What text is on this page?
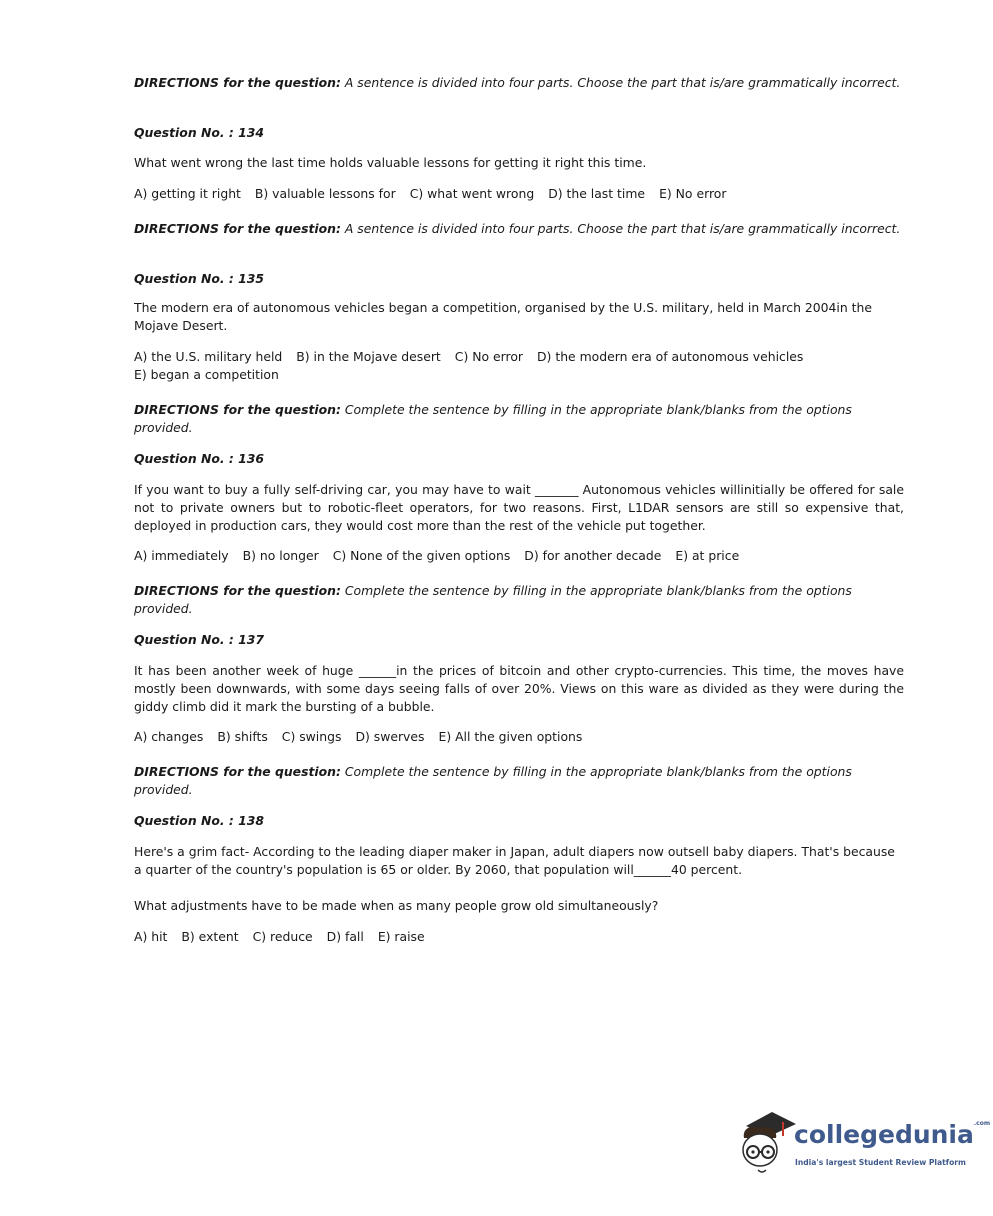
DIRECTIONS for the question: A sentence is divided into four parts. Choose the part that is/are grammatically incorrect.
Question No. : 134
What went wrong the last time holds valuable lessons for getting it right this time.
A) getting it right B) valuable lessons for C) what went wrong D) the last time E) No error
DIRECTIONS for the question: A sentence is divided into four parts. Choose the part that is/are grammatically incorrect.
Question No. : 135
The modern era of autonomous vehicles began a competition, organised by the U.S. military, held in March 2004in the Mojave Desert.
A) the U.S. military held B) in the Mojave desert C) No error D) the modern era of autonomous vehicles
E) began a competition
DIRECTIONS for the question: Complete the sentence by filling in the appropriate blank/blanks from the options provided.
Question No. : 136
If you want to buy a fully self-driving car, you may have to wait _______ Autonomous vehicles willinitially be offered for sale not to private owners but to robotic-fleet operators, for two reasons. First, L1DAR sensors are still so expensive that, deployed in production cars, they would cost more than the rest of the vehicle put together.
A) immediately B) no longer C) None of the given options D) for another decade E) at price
DIRECTIONS for the question: Complete the sentence by filling in the appropriate blank/blanks from the options provided.
Question No. : 137
It has been another week of huge ______in the prices of bitcoin and other crypto-currencies. This time, the moves have mostly been downwards, with some days seeing falls of over 20%. Views on this ware as divided as they were during the giddy climb did it mark the bursting of a bubble.
A) changes B) shifts C) swings D) swerves E) All the given options
DIRECTIONS for the question: Complete the sentence by filling in the appropriate blank/blanks from the options provided.
Question No. : 138
Here's a grim fact- According to the leading diaper maker in Japan, adult diapers now outsell baby diapers. That's because a quarter of the country's population is 65 or older. By 2060, that population will______40 percent.
What adjustments have to be made when as many people grow old simultaneously?
A) hit B) extent C) reduce D) fall E) raise
collegedunia$^{.com}$
India's largest Student Review Platform
